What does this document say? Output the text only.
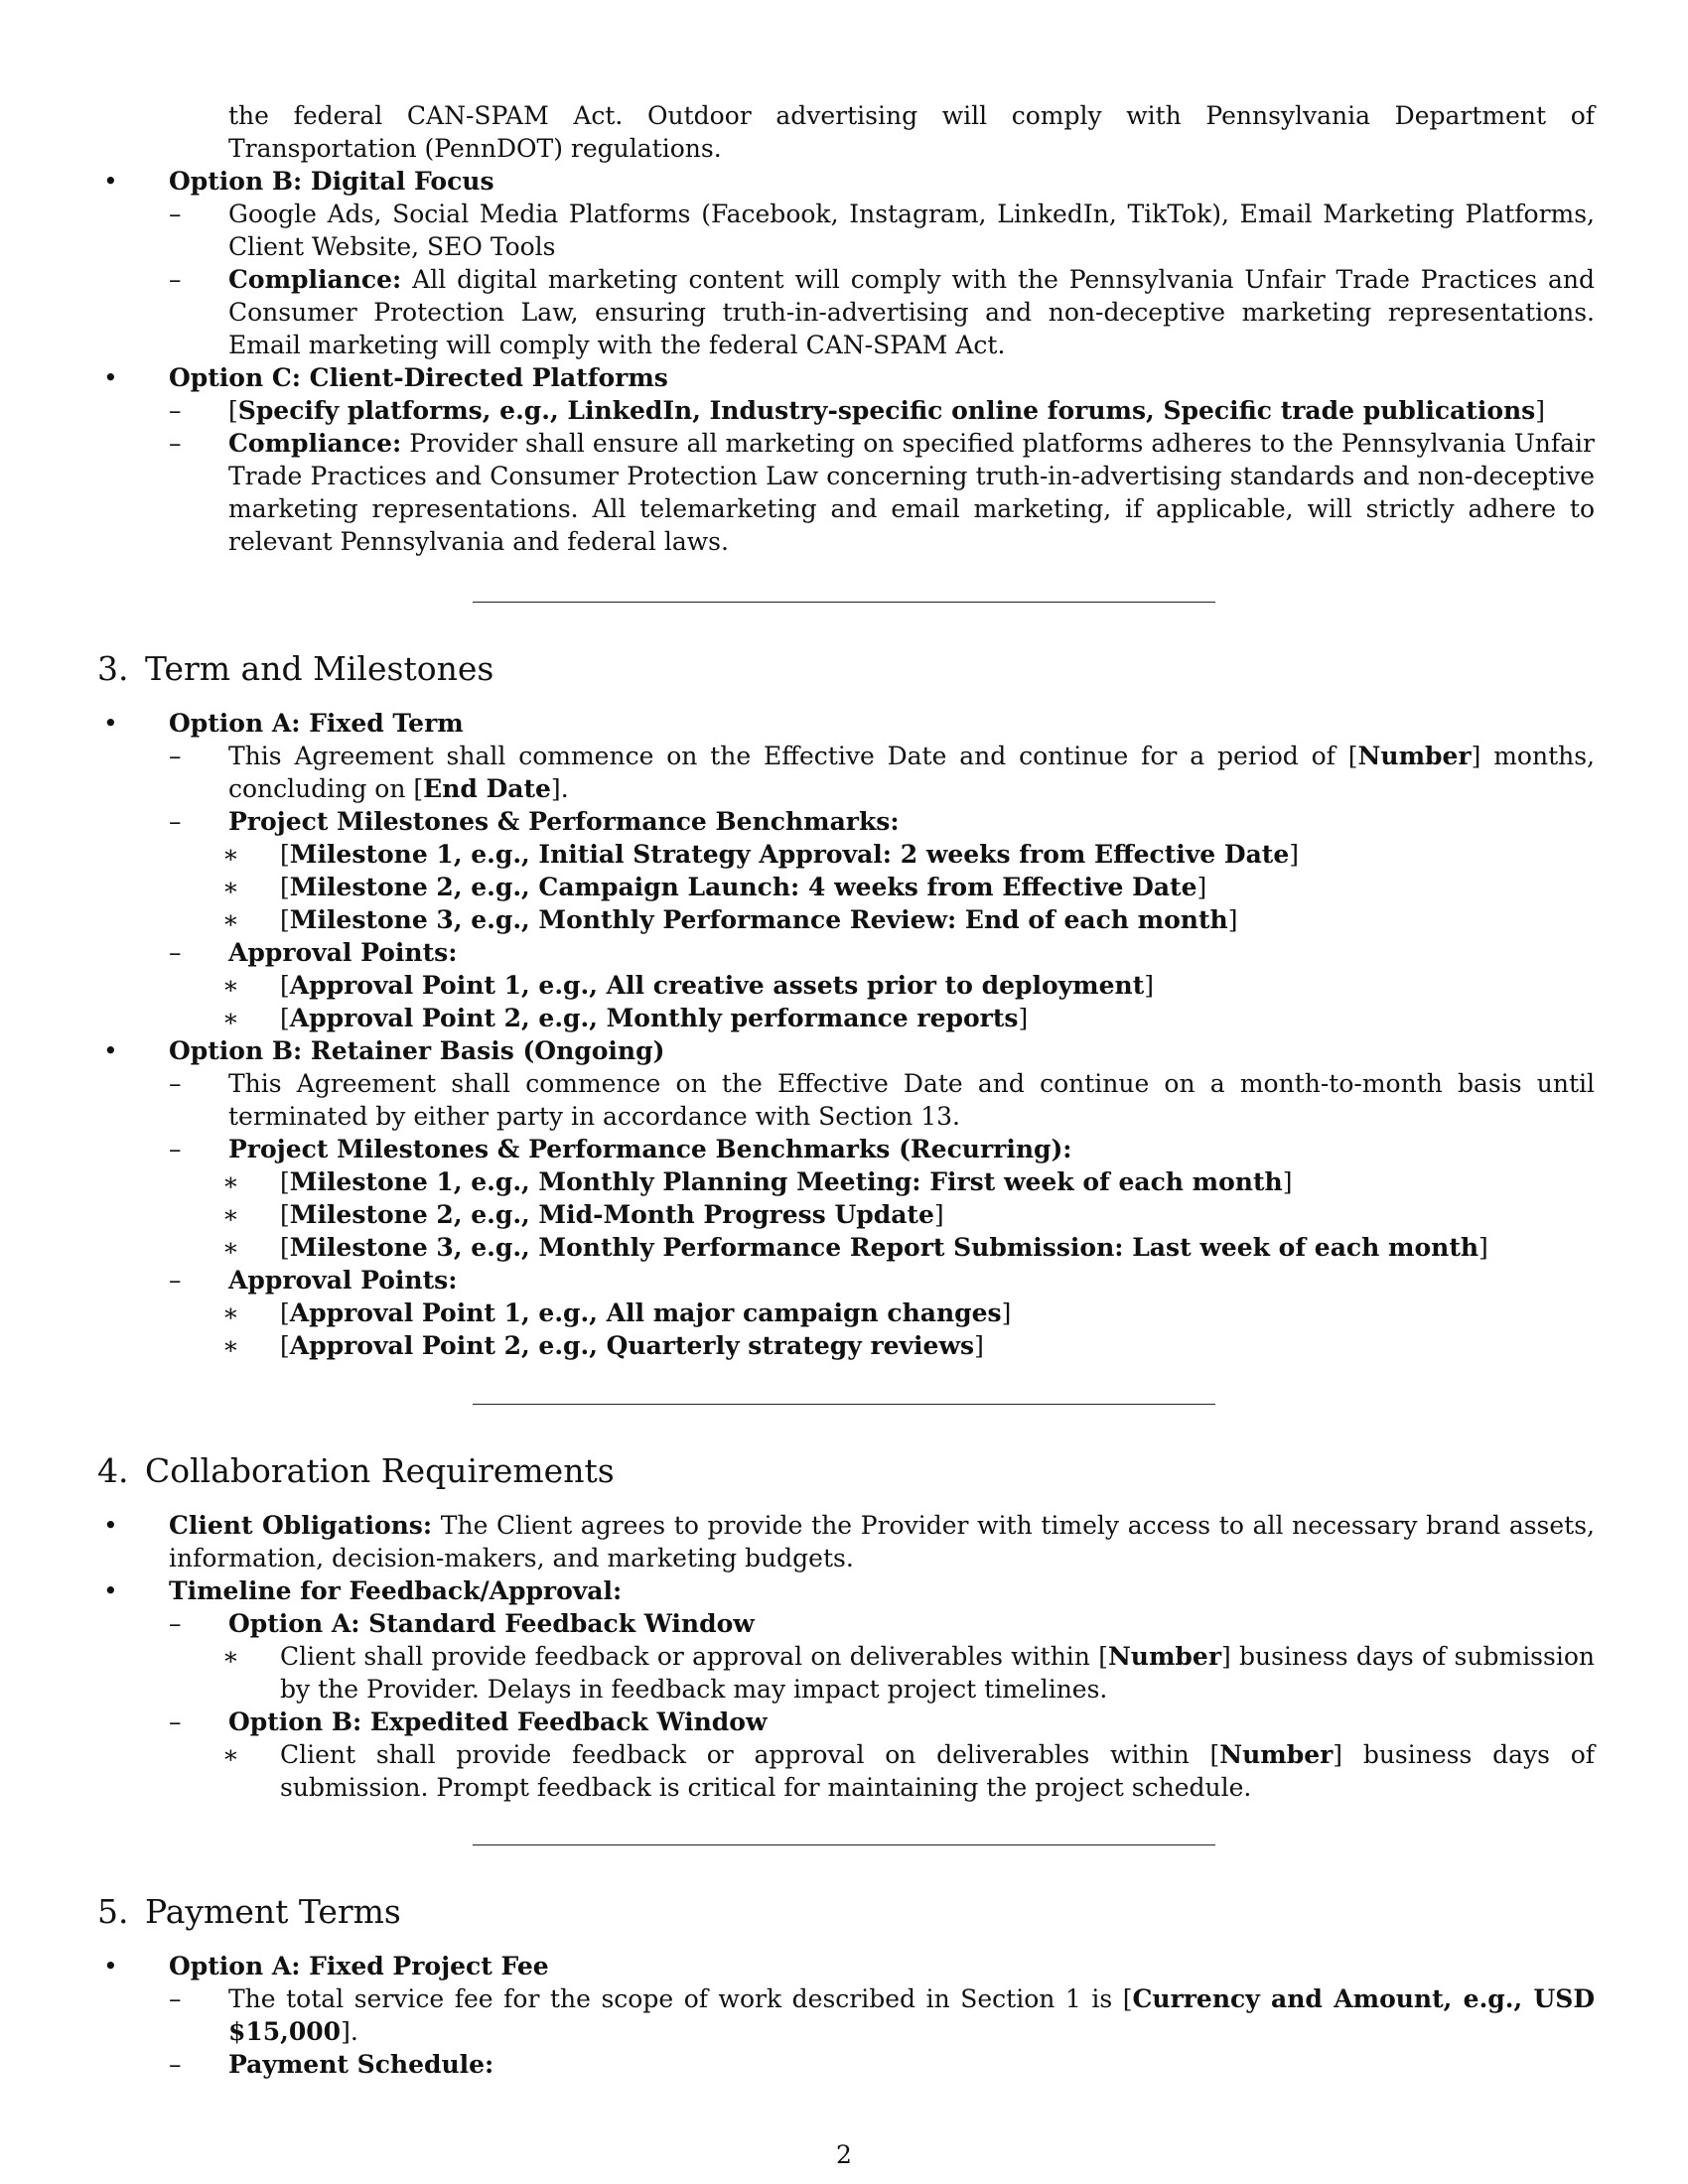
the federal CAN-SPAM Act. Outdoor advertising will comply with Pennsylvania Department of Transportation (PennDOT) regulations.
• Option B: Digital Focus
–	Google Ads, Social Media Platforms (Facebook, Instagram, LinkedIn, TikTok), Email Marketing Platforms, Client Website, SEO Tools
–	Compliance: All digital marketing content will comply with the Pennsylvania Unfair Trade Practices and Consumer Protection Law, ensuring truth-in-advertising and non-deceptive marketing representations. Email marketing will comply with the federal CAN-SPAM Act.
• Option C: Client-Directed Platforms
–	[Specify platforms, e.g., LinkedIn, Industry-specific online forums, Specific trade publications]
–	Compliance: Provider shall ensure all marketing on specified platforms adheres to the Pennsylvania Unfair Trade Practices and Consumer Protection Law concerning truth-in-advertising standards and non-deceptive marketing representations. All telemarketing and email marketing, if applicable, will strictly adhere to relevant Pennsylvania and federal laws.
3. Term and Milestones
• Option A: Fixed Term
–	This Agreement shall commence on the Effective Date and continue for a period of [Number] months, concluding on [End Date].
– Project Milestones & Performance Benchmarks:
∗	[Milestone 1, e.g., Initial Strategy Approval: 2 weeks from Effective Date]
∗	[Milestone 2, e.g., Campaign Launch: 4 weeks from Effective Date]
∗	[Milestone 3, e.g., Monthly Performance Review: End of each month]
– Approval Points:
∗	[Approval Point 1, e.g., All creative assets prior to deployment]
∗	[Approval Point 2, e.g., Monthly performance reports]
• Option B: Retainer Basis (Ongoing)
–	This Agreement shall commence on the Effective Date and continue on a month-to-month basis until terminated by either party in accordance with Section 13.
– Project Milestones & Performance Benchmarks (Recurring):
∗	[Milestone 1, e.g., Monthly Planning Meeting: First week of each month]
∗	[Milestone 2, e.g., Mid-Month Progress Update]
∗	[Milestone 3, e.g., Monthly Performance Report Submission: Last week of each month]
– Approval Points:
∗	[Approval Point 1, e.g., All major campaign changes]
∗	[Approval Point 2, e.g., Quarterly strategy reviews]
4. Collaboration Requirements
•	Client Obligations: The Client agrees to provide the Provider with timely access to all necessary brand assets, information, decision-makers, and marketing budgets.
• Timeline for Feedback/Approval:
– Option A: Standard Feedback Window
∗	Client shall provide feedback or approval on deliverables within [Number] business days of submission by the Provider. Delays in feedback may impact project timelines.
– Option B: Expedited Feedback Window
∗	Client shall provide feedback or approval on deliverables within [Number] business days of submission. Prompt feedback is critical for maintaining the project schedule.
5. Payment Terms
• Option A: Fixed Project Fee
–	The total service fee for the scope of work described in Section 1 is [Currency and Amount, e.g., USD $15,000].
– Payment Schedule:
2
